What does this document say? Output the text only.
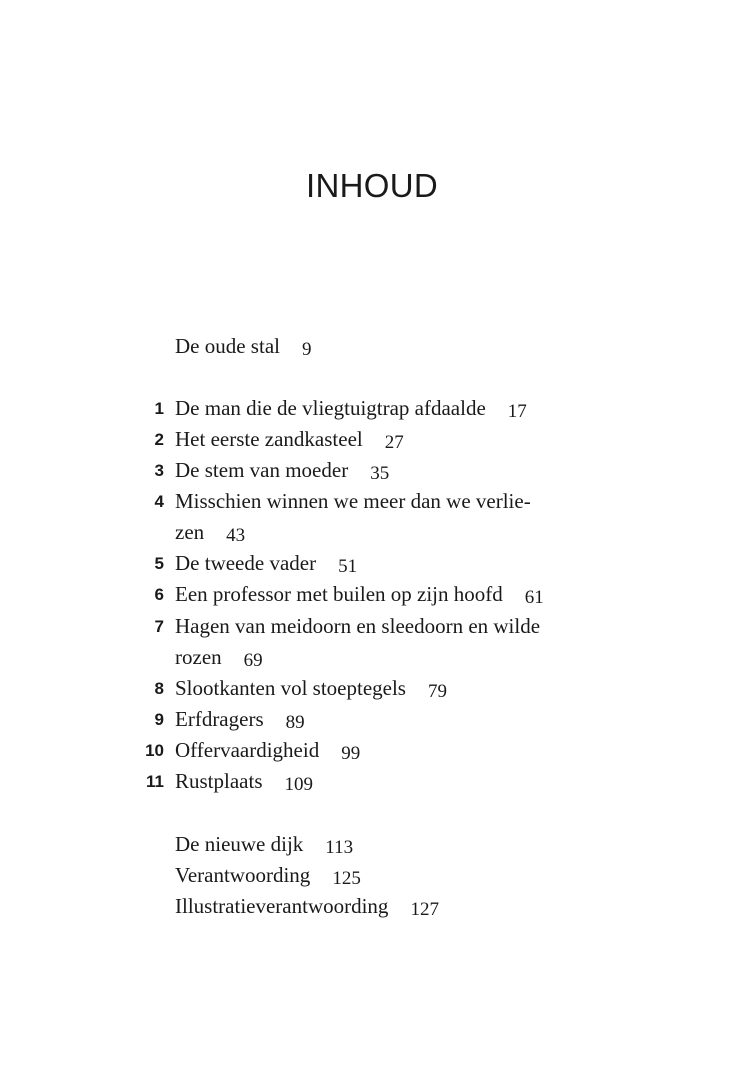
INHOUD
De oude stal 9
1 De man die de vliegtuigtrap afdaalde 17
2 Het eerste zandkasteel 27
3 De stem van moeder 35
4 Misschien winnen we meer dan we verlie-
zen 43
5 De tweede vader 51
6 Een professor met builen op zijn hoofd 61
7 Hagen van meidoorn en sleedoorn en wilde
rozen 69
8 Slootkanten vol stoeptegels 79
9 Erfdragers 89
10 Offervaardigheid 99
11 Rustplaats 109
De nieuwe dijk 113
Verantwoording 125
Illustratieverantwoording 127
